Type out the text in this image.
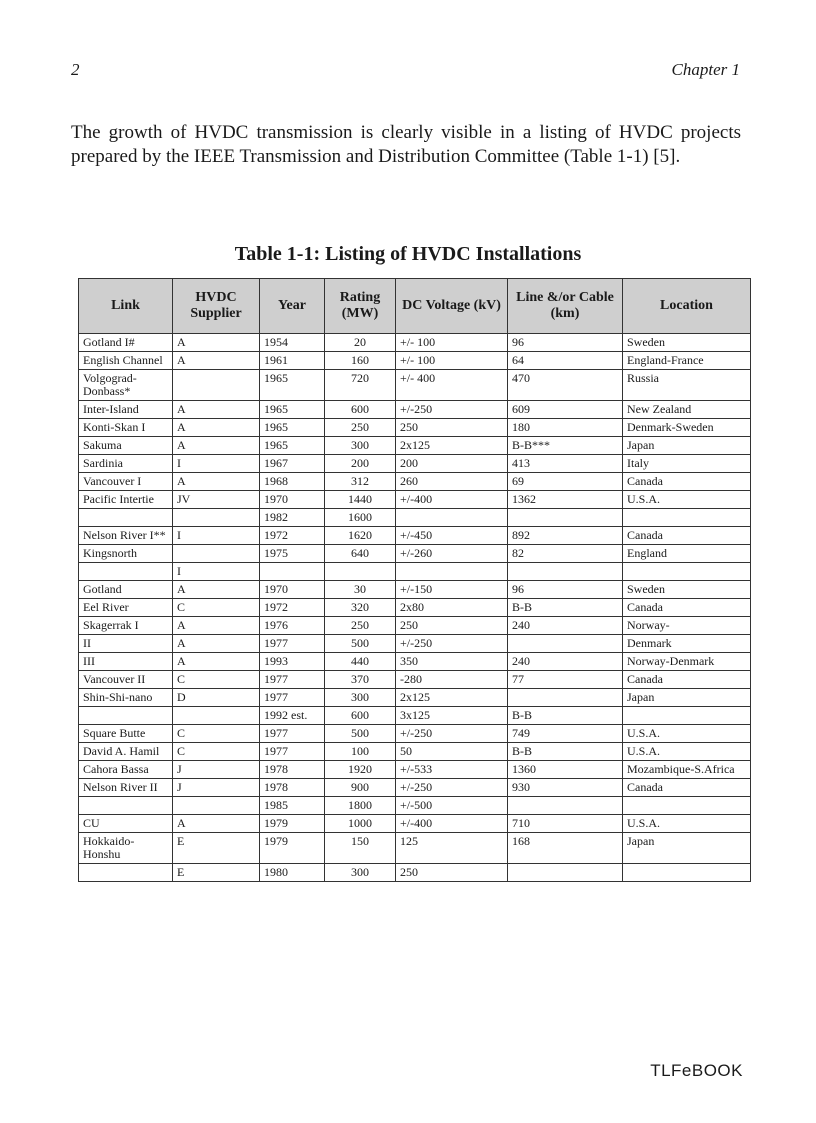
2	Chapter 1

The growth of HVDC transmission is clearly visible in a listing of HVDC projects prepared by the IEEE Transmission and Distribution Committee (Table 1-1) [5].

Table 1-1: Listing of HVDC Installations
Link	HVDC Supplier	Year	Rating (MW)	DC Voltage (kV)	Line &/or Cable (km)	Location
Gotland I#	A	1954	20	+/- 100	96	Sweden
English Channel	A	1961	160	+/- 100	64	England-France
Volgograd-Donbass*		1965	720	+/- 400	470	Russia
Inter-Island	A	1965	600	+/-250	609	New Zealand
Konti-Skan I	A	1965	250	250	180	Denmark-Sweden
Sakuma	A	1965	300	2x125	B-B***	Japan
Sardinia	I	1967	200	200	413	Italy
Vancouver I	A	1968	312	260	69	Canada
Pacific Intertie	JV	1970	1440	+/-400	1362	U.S.A.
		1982	1600			
Nelson River I**	I	1972	1620	+/-450	892	Canada
Kingsnorth		1975	640	+/-260	82	England
	I					
Gotland	A	1970	30	+/-150	96	Sweden
Eel River	C	1972	320	2x80	B-B	Canada
Skagerrak I	A	1976	250	250	240	Norway-
II	A	1977	500	+/-250		Denmark
III	A	1993	440	350	240	Norway-Denmark
Vancouver II	C	1977	370	-280	77	Canada
Shin-Shi-nano	D	1977	300	2x125		Japan
		1992 est.	600	3x125	B-B	
Square Butte	C	1977	500	+/-250	749	U.S.A.
David A. Hamil	C	1977	100	50	B-B	U.S.A.
Cahora Bassa	J	1978	1920	+/-533	1360	Mozambique-S.Africa
Nelson River II	J	1978	900	+/-250	930	Canada
		1985	1800	+/-500		
CU	A	1979	1000	+/-400	710	U.S.A.
Hokkaido-Honshu	E	1979	150	125	168	Japan
	E	1980	300	250		
TLFeBOOK
